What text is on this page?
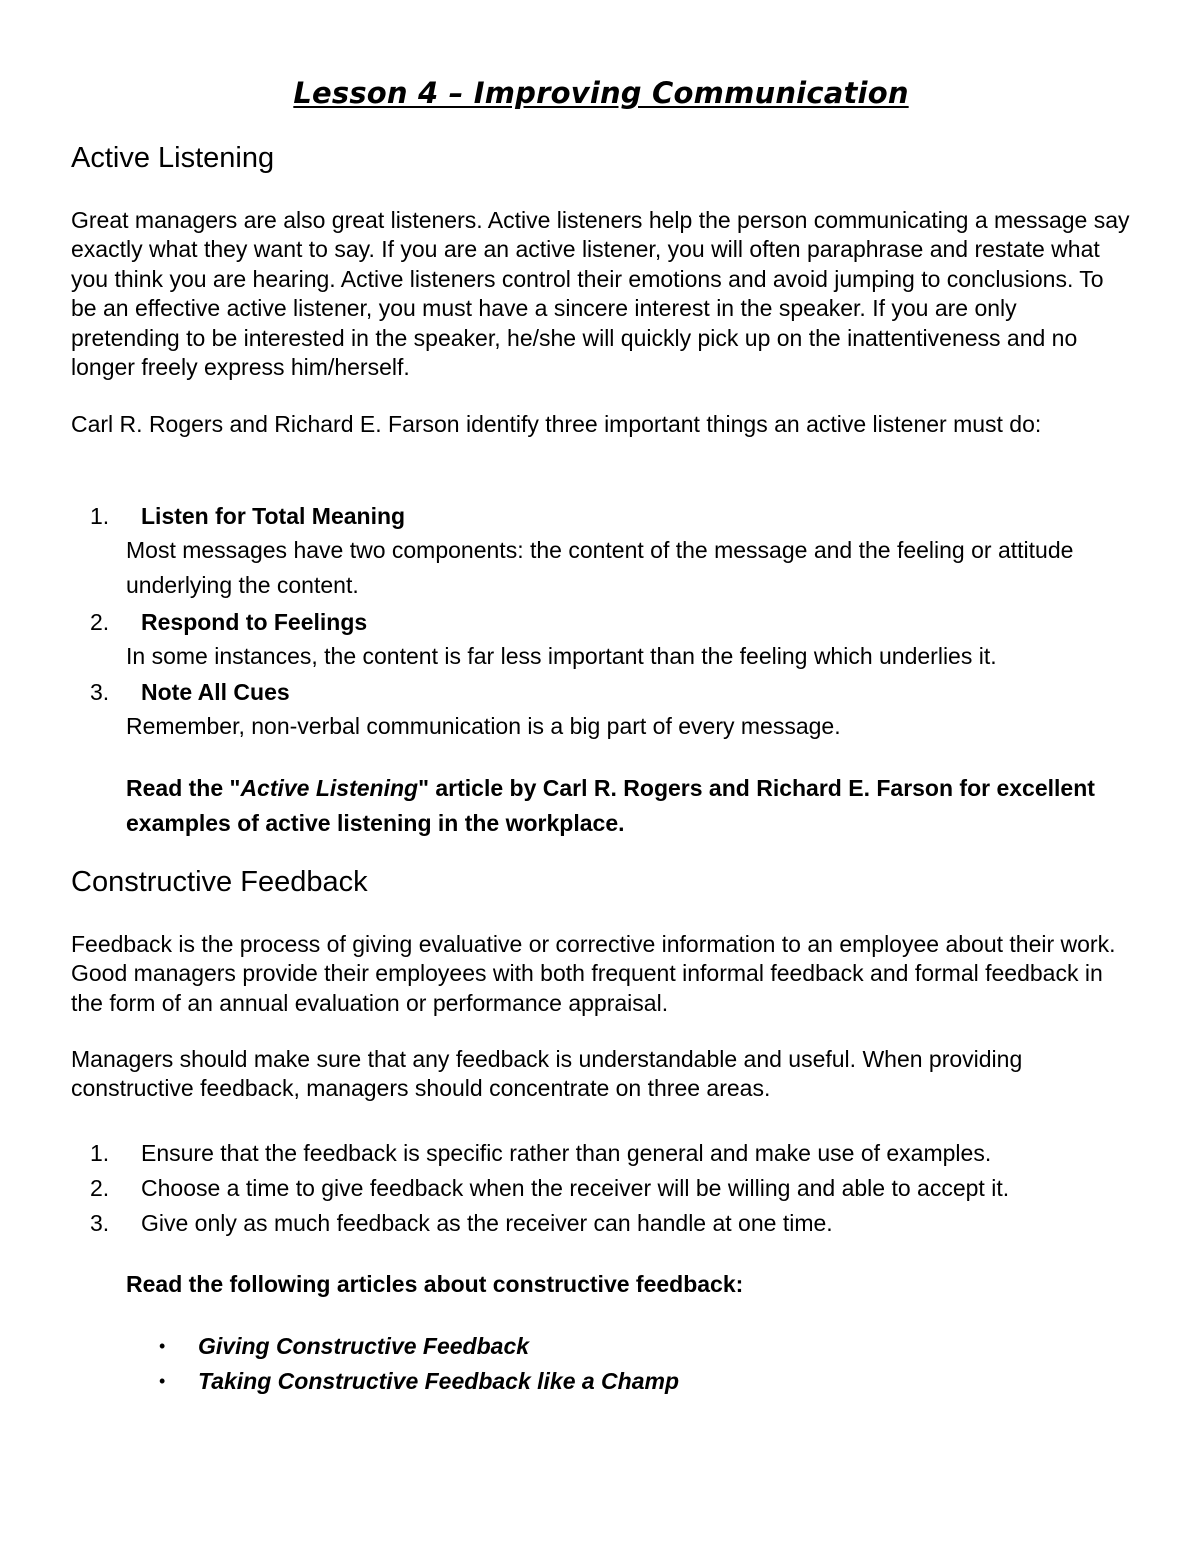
Lesson 4 – Improving Communication
Active Listening

Great managers are also great listeners. Active listeners help the person communicating a message say exactly what they want to say. If you are an active listener, you will often paraphrase and restate what you think you are hearing. Active listeners control their emotions and avoid jumping to conclusions. To be an effective active listener, you must have a sincere interest in the speaker. If you are only pretending to be interested in the speaker, he/she will quickly pick up on the inattentiveness and no longer freely express him/herself.

Carl R. Rogers and Richard E. Farson identify three important things an active listener must do:

1. Listen for Total Meaning

Most messages have two components: the content of the message and the feeling or attitude underlying the content.

2. Respond to Feelings

In some instances, the content is far less important than the feeling which underlies it.

3. Note All Cues

Remember, non-verbal communication is a big part of every message.

Read the "Active Listening" article by Carl R. Rogers and Richard E. Farson for excellent examples of active listening in the workplace.

Constructive Feedback

Feedback is the process of giving evaluative or corrective information to an employee about their work. Good managers provide their employees with both frequent informal feedback and formal feedback in the form of an annual evaluation or performance appraisal.

Managers should make sure that any feedback is understandable and useful. When providing constructive feedback, managers should concentrate on three areas.

1. Ensure that the feedback is specific rather than general and make use of examples.
2. Choose a time to give feedback when the receiver will be willing and able to accept it.
3. Give only as much feedback as the receiver can handle at one time.

Read the following articles about constructive feedback:

• Giving Constructive Feedback
• Taking Constructive Feedback like a Champ
